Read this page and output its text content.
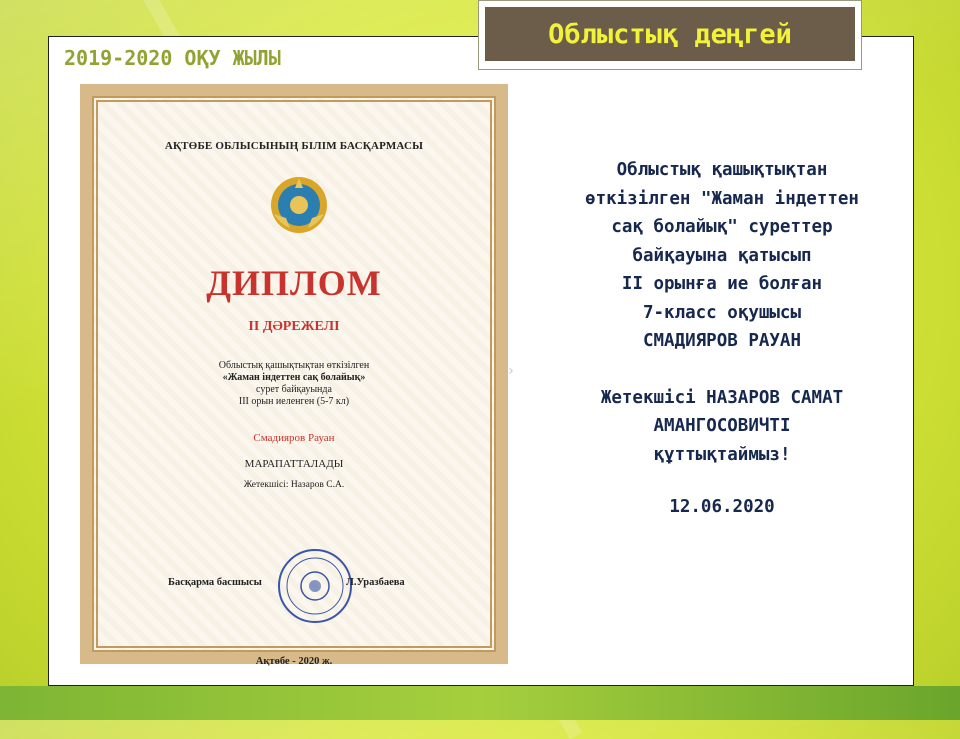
Облыстық деңгей
2019-2020 ОҚУ ЖЫЛЫ
АҚТӨБЕ ОБЛЫСЫНЫҢ БІЛІМ БАСҚАРМАСЫ
ДИПЛОМ
ІІ ДӘРЕЖЕЛІ
Облыстық қашықтықтан өткізілген
«Жаман індеттен сақ болайық»
сурет байқауында
ІІІ орын иеленген (5-7 кл)
Смадияров Рауан
МАРАПАТТАЛАДЫ
Жетекшісі: Назаров С.А.
Басқарма басшысы	Л.Уразбаева
Ақтөбе - 2020 ж.
›
Облыстық қашықтықтан
өткізілген "Жаман індеттен
сақ болайық" суреттер
байқауына қатысып
ІІ орынға ие болған
7-класс оқушысы
СМАДИЯРОВ РАУАН
Жетекшісі НАЗАРОВ САМАТ
АМАНГОСОВИЧТІ
құттықтаймыз!
12.06.2020
